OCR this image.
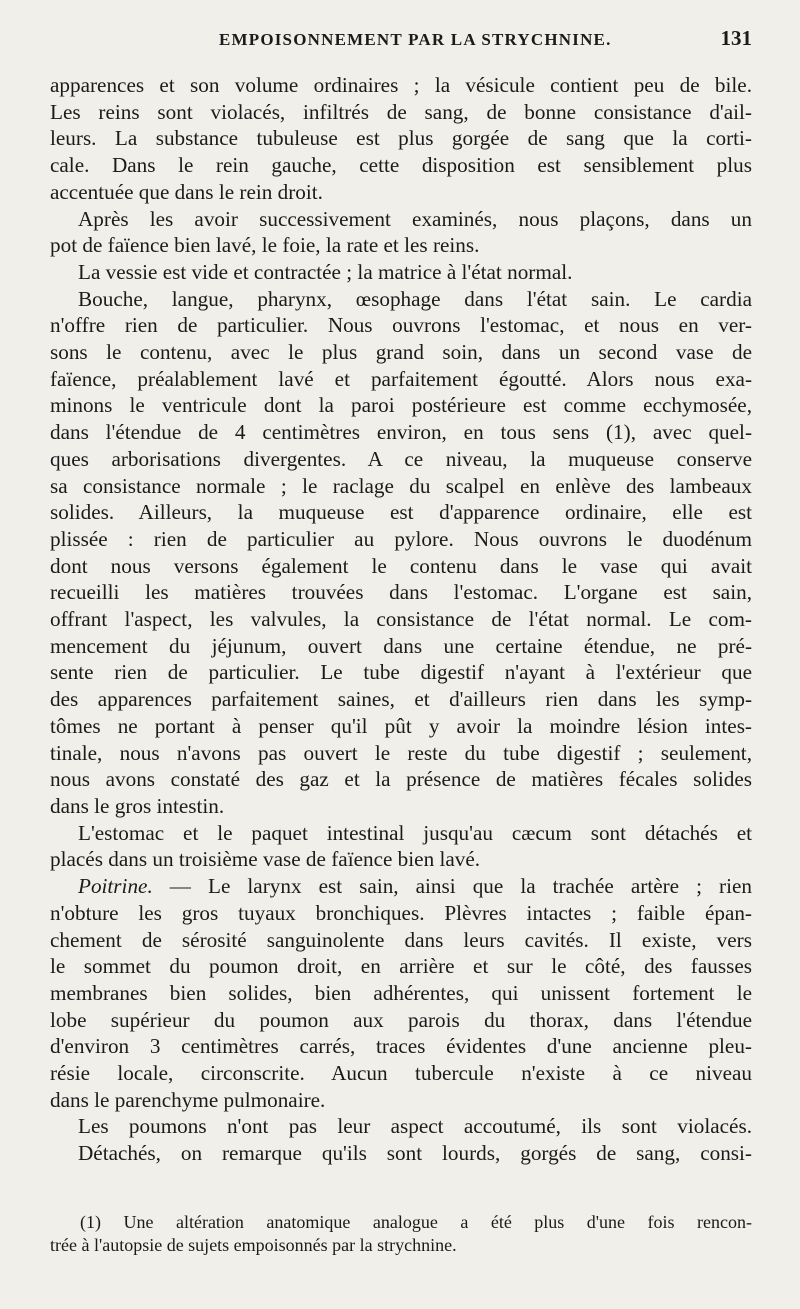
EMPOISONNEMENT PAR LA STRYCHNINE.	131
apparences et son volume ordinaires ; la vésicule contient peu de bile.
Les reins sont violacés, infiltrés de sang, de bonne consistance d'ail-
leurs. La substance tubuleuse est plus gorgée de sang que la corti-
cale. Dans le rein gauche, cette disposition est sensiblement plus
accentuée que dans le rein droit.
Après les avoir successivement examinés, nous plaçons, dans un
pot de faïence bien lavé, le foie, la rate et les reins.
La vessie est vide et contractée ; la matrice à l'état normal.
Bouche, langue, pharynx, œsophage dans l'état sain. Le cardia
n'offre rien de particulier. Nous ouvrons l'estomac, et nous en ver-
sons le contenu, avec le plus grand soin, dans un second vase de
faïence, préalablement lavé et parfaitement égoutté. Alors nous exa-
minons le ventricule dont la paroi postérieure est comme ecchymosée,
dans l'étendue de 4 centimètres environ, en tous sens (1), avec quel-
ques arborisations divergentes. A ce niveau, la muqueuse conserve
sa consistance normale ; le raclage du scalpel en enlève des lambeaux
solides. Ailleurs, la muqueuse est d'apparence ordinaire, elle est
plissée : rien de particulier au pylore. Nous ouvrons le duodénum
dont nous versons également le contenu dans le vase qui avait
recueilli les matières trouvées dans l'estomac. L'organe est sain,
offrant l'aspect, les valvules, la consistance de l'état normal. Le com-
mencement du jéjunum, ouvert dans une certaine étendue, ne pré-
sente rien de particulier. Le tube digestif n'ayant à l'extérieur que
des apparences parfaitement saines, et d'ailleurs rien dans les symp-
tômes ne portant à penser qu'il pût y avoir la moindre lésion intes-
tinale, nous n'avons pas ouvert le reste du tube digestif ; seulement,
nous avons constaté des gaz et la présence de matières fécales solides
dans le gros intestin.
L'estomac et le paquet intestinal jusqu'au cæcum sont détachés et
placés dans un troisième vase de faïence bien lavé.
Poitrine. — Le larynx est sain, ainsi que la trachée artère ; rien
n'obture les gros tuyaux bronchiques. Plèvres intactes ; faible épan-
chement de sérosité sanguinolente dans leurs cavités. Il existe, vers
le sommet du poumon droit, en arrière et sur le côté, des fausses
membranes bien solides, bien adhérentes, qui unissent fortement le
lobe supérieur du poumon aux parois du thorax, dans l'étendue
d'environ 3 centimètres carrés, traces évidentes d'une ancienne pleu-
résie locale, circonscrite. Aucun tubercule n'existe à ce niveau
dans le parenchyme pulmonaire.
Les poumons n'ont pas leur aspect accoutumé, ils sont violacés.
Détachés, on remarque qu'ils sont lourds, gorgés de sang, consi-
(1) Une altération anatomique analogue a été plus d'une fois rencon-
trée à l'autopsie de sujets empoisonnés par la strychnine.
